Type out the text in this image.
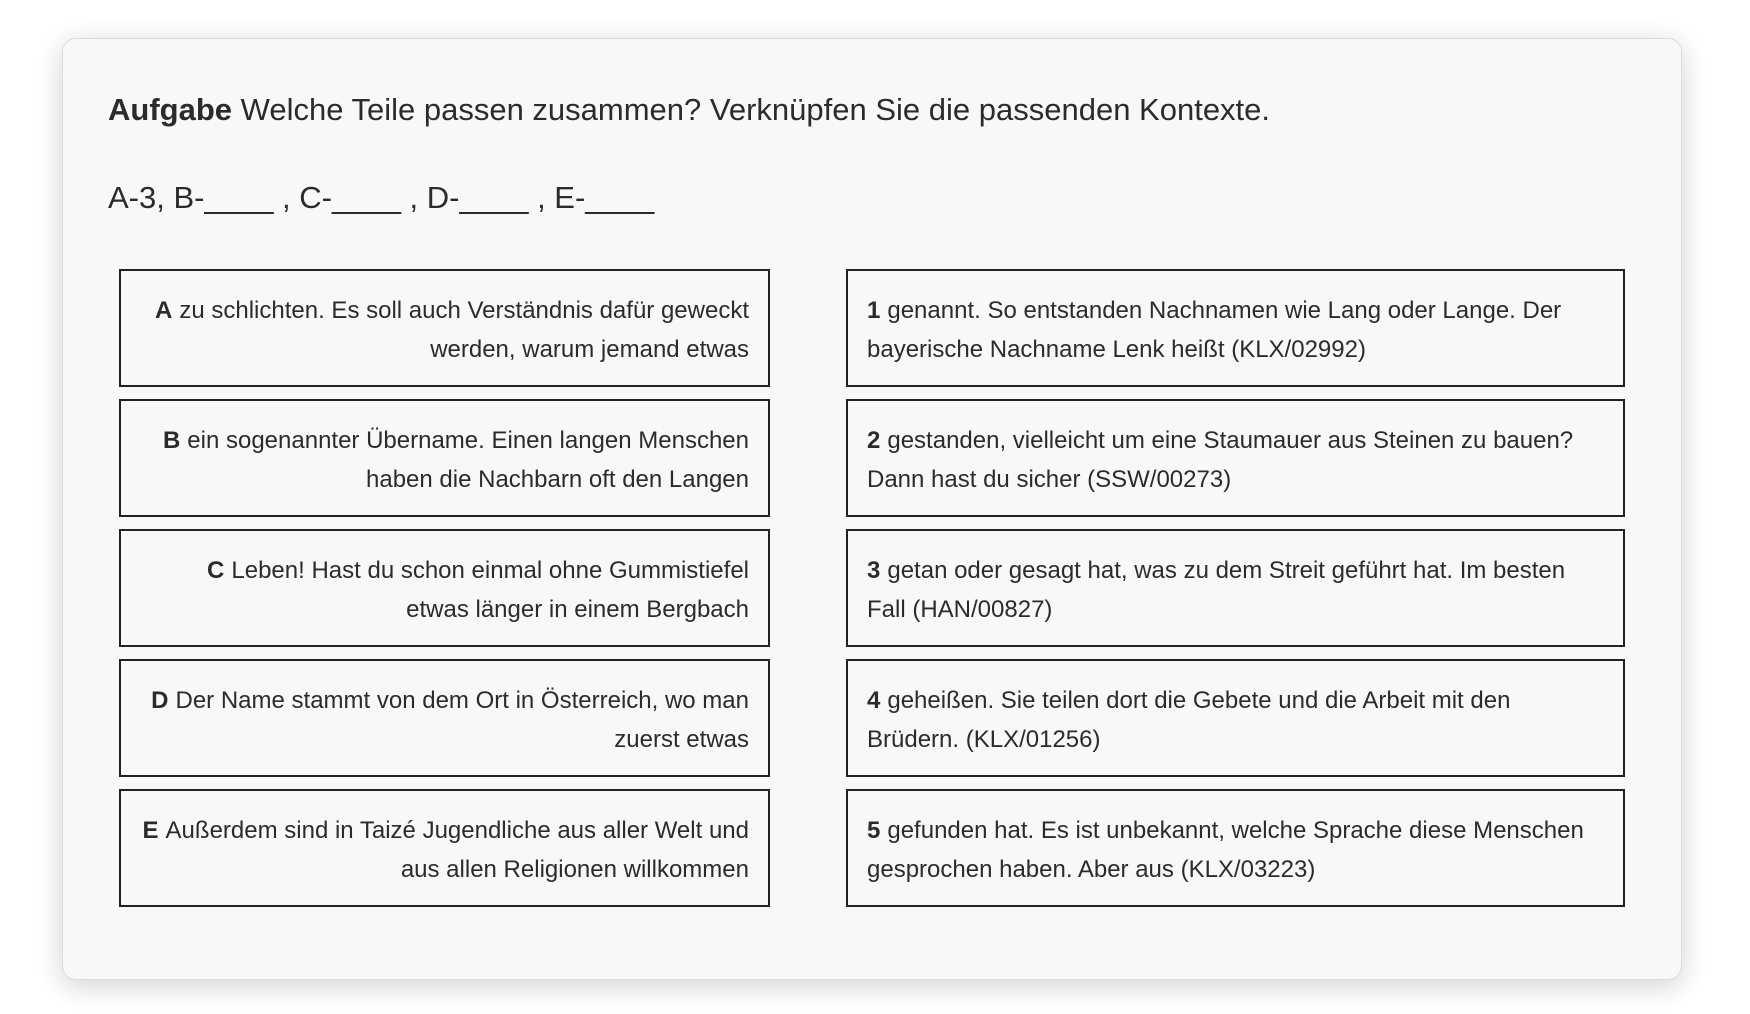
Aufgabe Welche Teile passen zusammen? Verknüpfen Sie die passenden Kontexte.
A-3, B-____ , C-____ , D-____ , E-____
A zu schlichten. Es soll auch Verständnis dafür geweckt werden, warum jemand etwas
B ein sogenannter Übername. Einen langen Menschen haben die Nachbarn oft den Langen
C Leben! Hast du schon einmal ohne Gummistiefel etwas länger in einem Bergbach
D Der Name stammt von dem Ort in Österreich, wo man zuerst etwas
E Außerdem sind in Taizé Jugendliche aus aller Welt und aus allen Religionen willkommen
1 genannt. So entstanden Nachnamen wie Lang oder Lange. Der bayerische Nachname Lenk heißt (KLX/02992)
2 gestanden, vielleicht um eine Staumauer aus Steinen zu bauen? Dann hast du sicher (SSW/00273)
3 getan oder gesagt hat, was zu dem Streit geführt hat. Im besten Fall (HAN/00827)
4 geheißen. Sie teilen dort die Gebete und die Arbeit mit den Brüdern. (KLX/01256)
5 gefunden hat. Es ist unbekannt, welche Sprache diese Menschen gesprochen haben. Aber aus (KLX/03223)
